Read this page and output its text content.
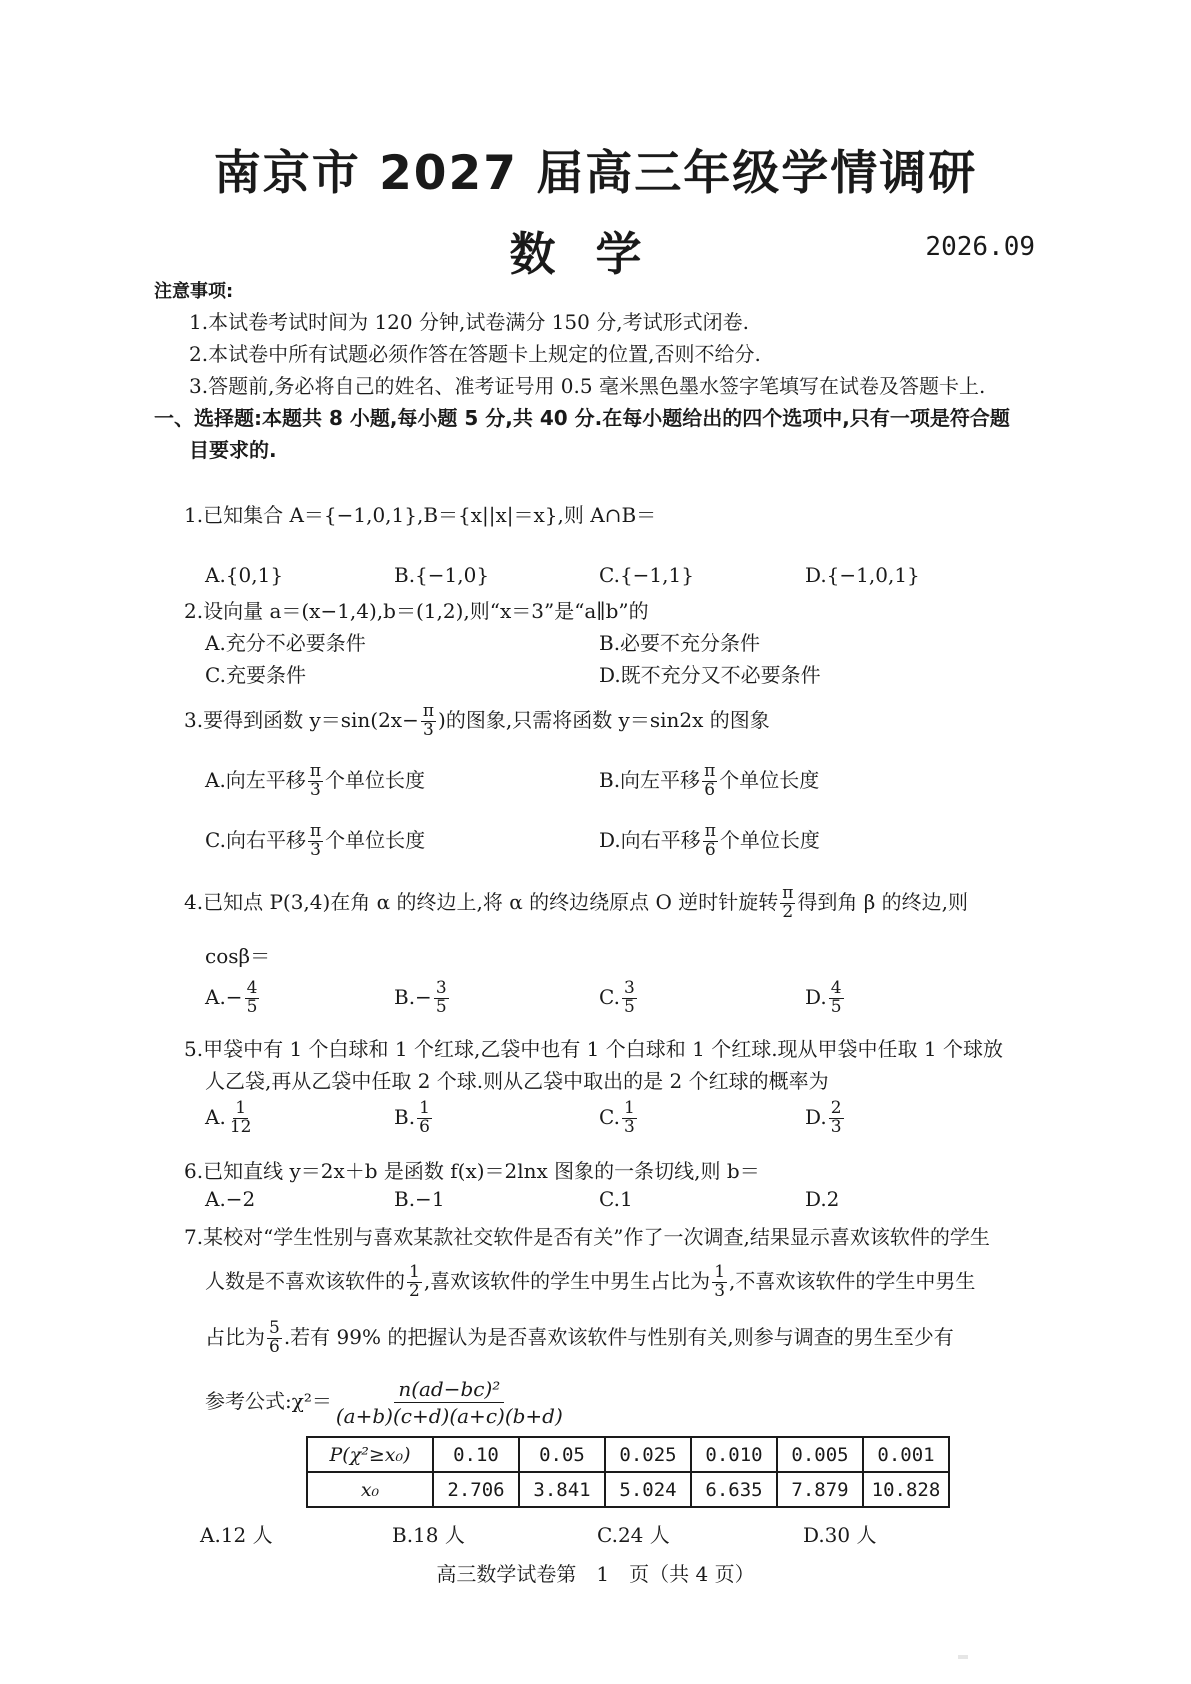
南京市 2027 届高三年级学情调研
数学	2026.09
注意事项:
1.本试卷考试时间为 120 分钟,试卷满分 150 分,考试形式闭卷.
2.本试卷中所有试题必须作答在答题卡上规定的位置,否则不给分.
3.答题前,务必将自己的姓名、准考证号用 0.5 毫米黑色墨水签字笔填写在试卷及答题卡上.
一、选择题:本题共 8 小题,每小题 5 分,共 40 分.在每小题给出的四个选项中,只有一项是符合题
目要求的.
1.已知集合 A＝{−1,0,1},B＝{x||x|＝x},则 A∩B＝
A.{0,1}	B.{−1,0}	C.{−1,1}	D.{−1,0,1}
2.设向量 a＝(x−1,4),b＝(1,2),则“x＝3”是“a∥b”的
A.充分不必要条件	B.必要不充分条件
C.充要条件	D.既不充分又不必要条件
3.要得到函数 $y=\sin(2x- \frac{\pi}{3}$ )的图象,只需将函数 y＝sin2x 的图象
A.向左平移 $\frac{\pi}{3}$ 个单位长度	B.向左平移 $\frac{\pi}{6}$ 个单位长度
C.向右平移 $\frac{\pi}{3}$ 个单位长度	D.向右平移 $\frac{\pi}{6}$ 个单位长度
4.已知点 P(3,4)在角 α 的终边上,将 α 的终边绕原点 O 逆时针旋转 $\frac{\pi}{2}$ 得到角 β 的终边,则
cosβ＝
$A.- \frac{4}{5}$	$B.- \frac{3}{5}$	C. $\frac{3}{5}$	D. $\frac{4}{5}$
5.甲袋中有 1 个白球和 1 个红球,乙袋中也有 1 个白球和 1 个红球.现从甲袋中任取 1 个球放
人乙袋,再从乙袋中任取 2 个球.则从乙袋中取出的是 2 个红球的概率为
A. $\frac{1}{12}$	B. $\frac{1}{6}$	C. $\frac{1}{3}$	D. $\frac{2}{3}$
6.已知直线 y＝2x＋b 是函数 f(x)＝2lnx 图象的一条切线,则 b＝
A.−2	B.−1	C.1	D.2
7.某校对“学生性别与喜欢某款社交软件是否有关”作了一次调查,结果显示喜欢该软件的学生
人数是不喜欢该软件的 $\frac{1}{2}$ ,喜欢该软件的学生中男生占比为 $\frac{1}{3}$ ,不喜欢该软件的学生中男生
占比为 $\frac{5}{6}$ .若有 99% 的把握认为是否喜欢该软件与性别有关,则参与调查的男生至少有
参考公式:χ²＝ $\frac{\text{n(ad−bc)²}}{(a+b)(c+d)(a+c)(b+d)}$
P(χ²≥x₀)	0.10	0.05	0.025	0.010	0.005	0.001
x₀	2.706	3.841	5.024	6.635	7.879	10.828
A.12 人	B.18 人	C.24 人	D.30 人
高三数学试卷第　1　页（共 4 页）
